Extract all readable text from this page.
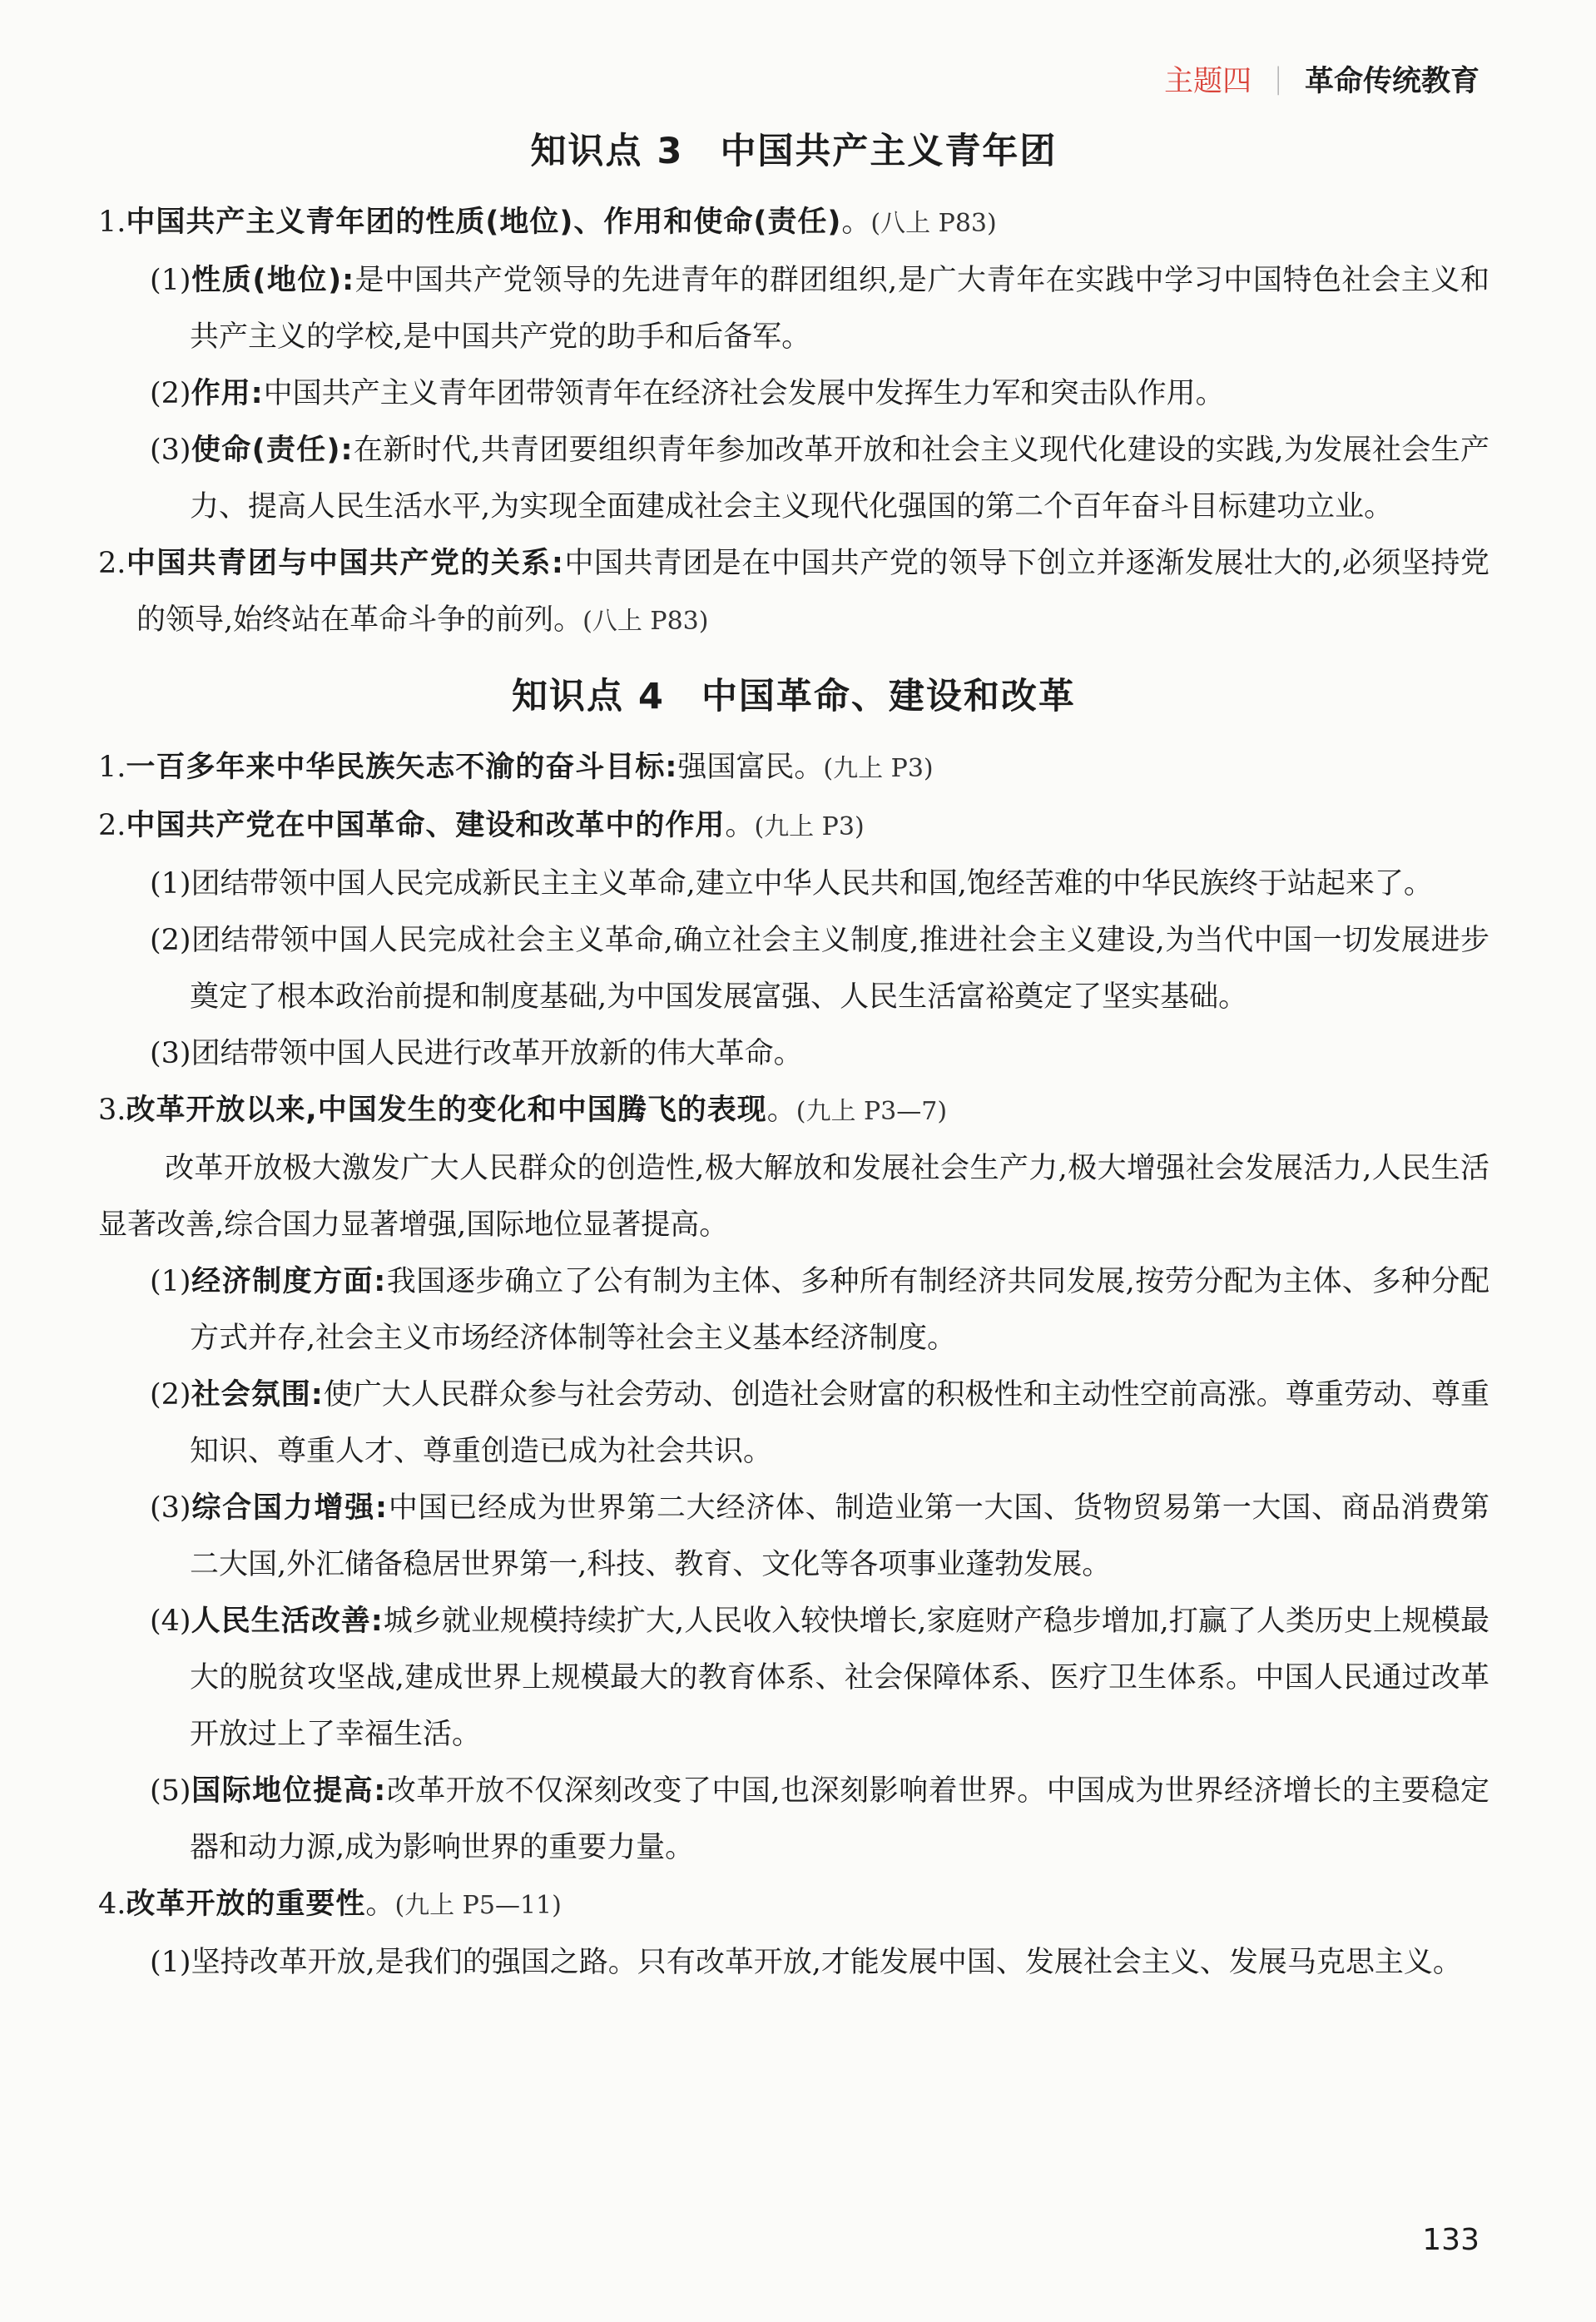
主题四 | 革命传统教育
知识点 3 中国共产主义青年团

1.中国共产主义青年团的性质(地位)、作用和使命(责任)。(八上 P83)

(1)性质(地位):是中国共产党领导的先进青年的群团组织,是广大青年在实践中学习中国特色社会主义和共产主义的学校,是中国共产党的助手和后备军。

(2)作用:中国共产主义青年团带领青年在经济社会发展中发挥生力军和突击队作用。

(3)使命(责任):在新时代,共青团要组织青年参加改革开放和社会主义现代化建设的实践,为发展社会生产力、提高人民生活水平,为实现全面建成社会主义现代化强国的第二个百年奋斗目标建功立业。

2.中国共青团与中国共产党的关系:中国共青团是在中国共产党的领导下创立并逐渐发展壮大的,必须坚持党的领导,始终站在革命斗争的前列。(八上 P83)

知识点 4 中国革命、建设和改革

1.一百多年来中华民族矢志不渝的奋斗目标:强国富民。(九上 P3)

2.中国共产党在中国革命、建设和改革中的作用。(九上 P3)

(1)团结带领中国人民完成新民主主义革命,建立中华人民共和国,饱经苦难的中华民族终于站起来了。

(2)团结带领中国人民完成社会主义革命,确立社会主义制度,推进社会主义建设,为当代中国一切发展进步奠定了根本政治前提和制度基础,为中国发展富强、人民生活富裕奠定了坚实基础。

(3)团结带领中国人民进行改革开放新的伟大革命。

3.改革开放以来,中国发生的变化和中国腾飞的表现。(九上 P3—7)

改革开放极大激发广大人民群众的创造性,极大解放和发展社会生产力,极大增强社会发展活力,人民生活显著改善,综合国力显著增强,国际地位显著提高。

(1)经济制度方面:我国逐步确立了公有制为主体、多种所有制经济共同发展,按劳分配为主体、多种分配方式并存,社会主义市场经济体制等社会主义基本经济制度。

(2)社会氛围:使广大人民群众参与社会劳动、创造社会财富的积极性和主动性空前高涨。尊重劳动、尊重知识、尊重人才、尊重创造已成为社会共识。

(3)综合国力增强:中国已经成为世界第二大经济体、制造业第一大国、货物贸易第一大国、商品消费第二大国,外汇储备稳居世界第一,科技、教育、文化等各项事业蓬勃发展。

(4)人民生活改善:城乡就业规模持续扩大,人民收入较快增长,家庭财产稳步增加,打赢了人类历史上规模最大的脱贫攻坚战,建成世界上规模最大的教育体系、社会保障体系、医疗卫生体系。中国人民通过改革开放过上了幸福生活。

(5)国际地位提高:改革开放不仅深刻改变了中国,也深刻影响着世界。中国成为世界经济增长的主要稳定器和动力源,成为影响世界的重要力量。

4.改革开放的重要性。(九上 P5—11)

(1)坚持改革开放,是我们的强国之路。只有改革开放,才能发展中国、发展社会主义、发展马克思主义。

133
